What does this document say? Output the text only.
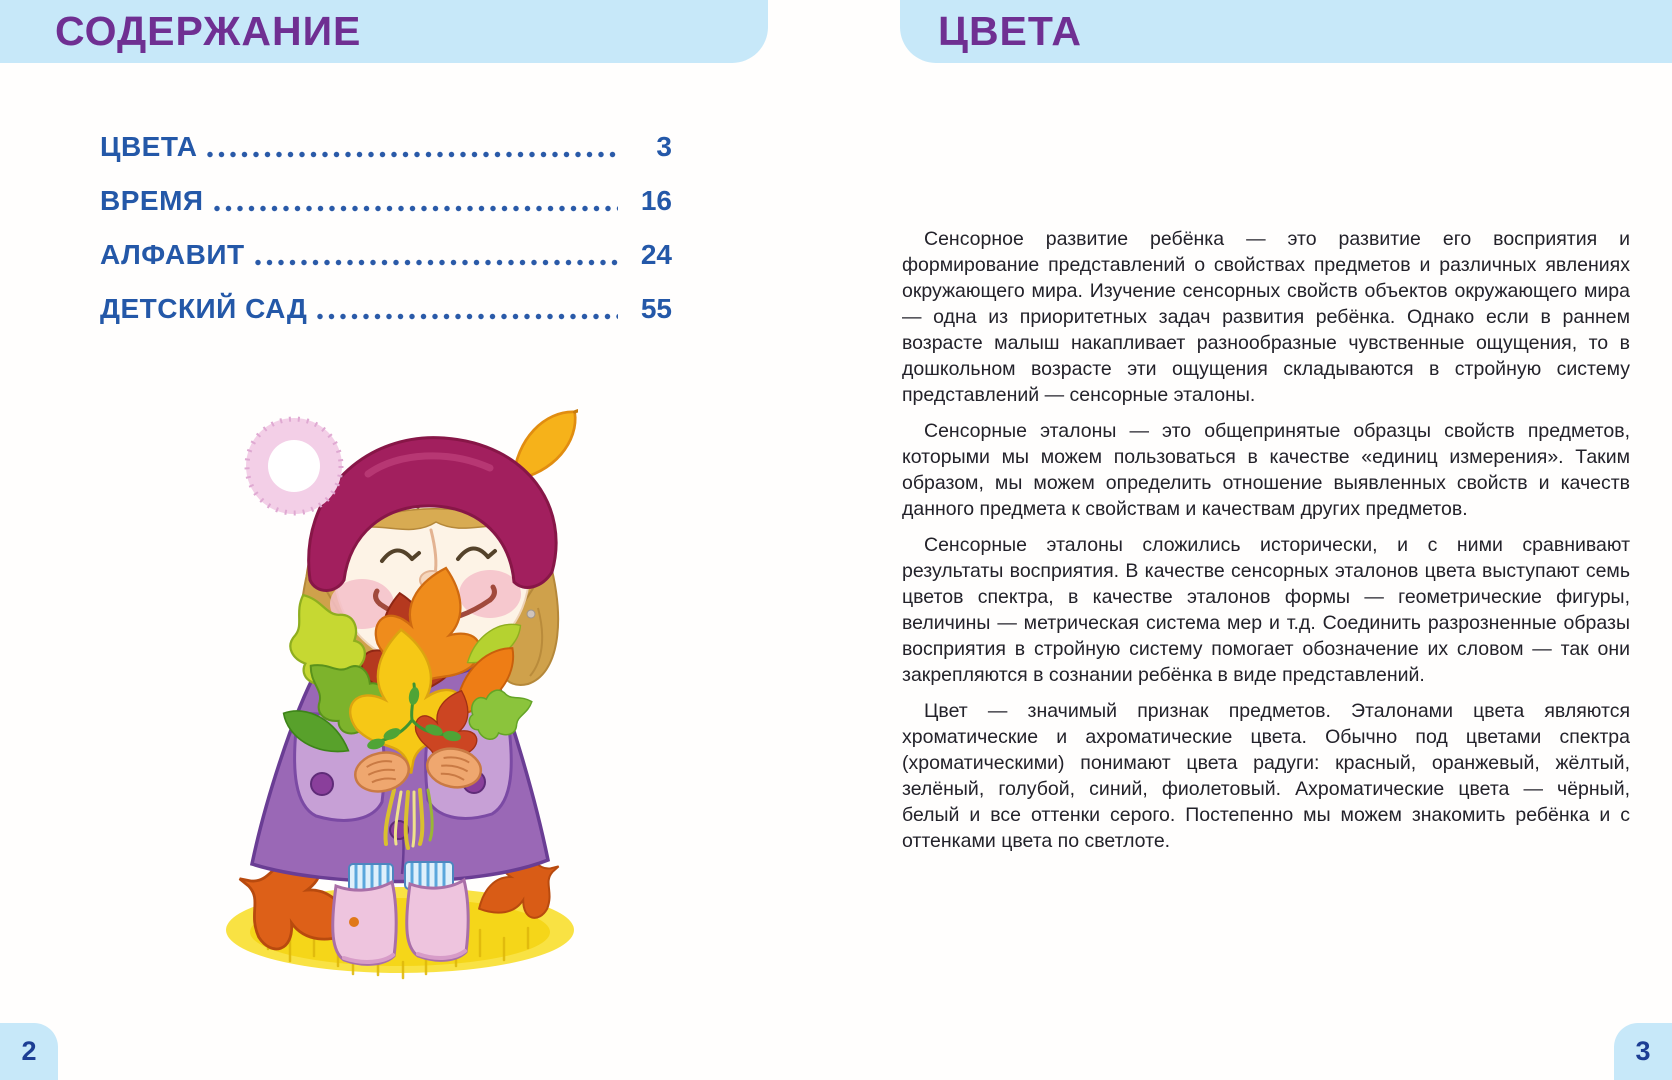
СОДЕРЖАНИЕ
ЦВЕТА	3
ВРЕМЯ	16
АЛФАВИТ	24
ДЕТСКИЙ САД	55
2
ЦВЕТА

Сенсорное развитие ребёнка — это развитие его восприятия и формирование представлений о свойствах предметов и различных явлениях окружающего мира. Изучение сенсорных свойств объектов окружающего мира — одна из приоритетных задач развития ребёнка. Однако если в раннем возрасте малыш накапливает разнообразные чувственные ощущения, то в дошкольном возрасте эти ощущения складываются в стройную систему представлений — сенсорные эталоны.

Сенсорные эталоны — это общепринятые образцы свойств предметов, которыми мы можем пользоваться в качестве «единиц измерения». Таким образом, мы можем определить отношение выявленных свойств и качеств данного предмета к свойствам и качествам других предметов.

Сенсорные эталоны сложились исторически, и с ними сравнивают результаты восприятия. В качестве сенсорных эталонов цвета выступают семь цветов спектра, в качестве эталонов формы — геометрические фигуры, величины — метрическая система мер и т.д. Соединить разрозненные образы восприятия в стройную систему помогает обозначение их словом — так они закрепляются в сознании ребёнка в виде представлений.

Цвет — значимый признак предметов. Эталонами цвета являются хроматические и ахроматические цвета. Обычно под цветами спектра (хроматическими) понимают цвета радуги: красный, оранжевый, жёлтый, зелёный, голубой, синий, фиолетовый. Ахроматические цвета — чёрный, белый и все оттенки серого. Постепенно мы можем знакомить ребёнка и с оттенками цвета по светлоте.

3
